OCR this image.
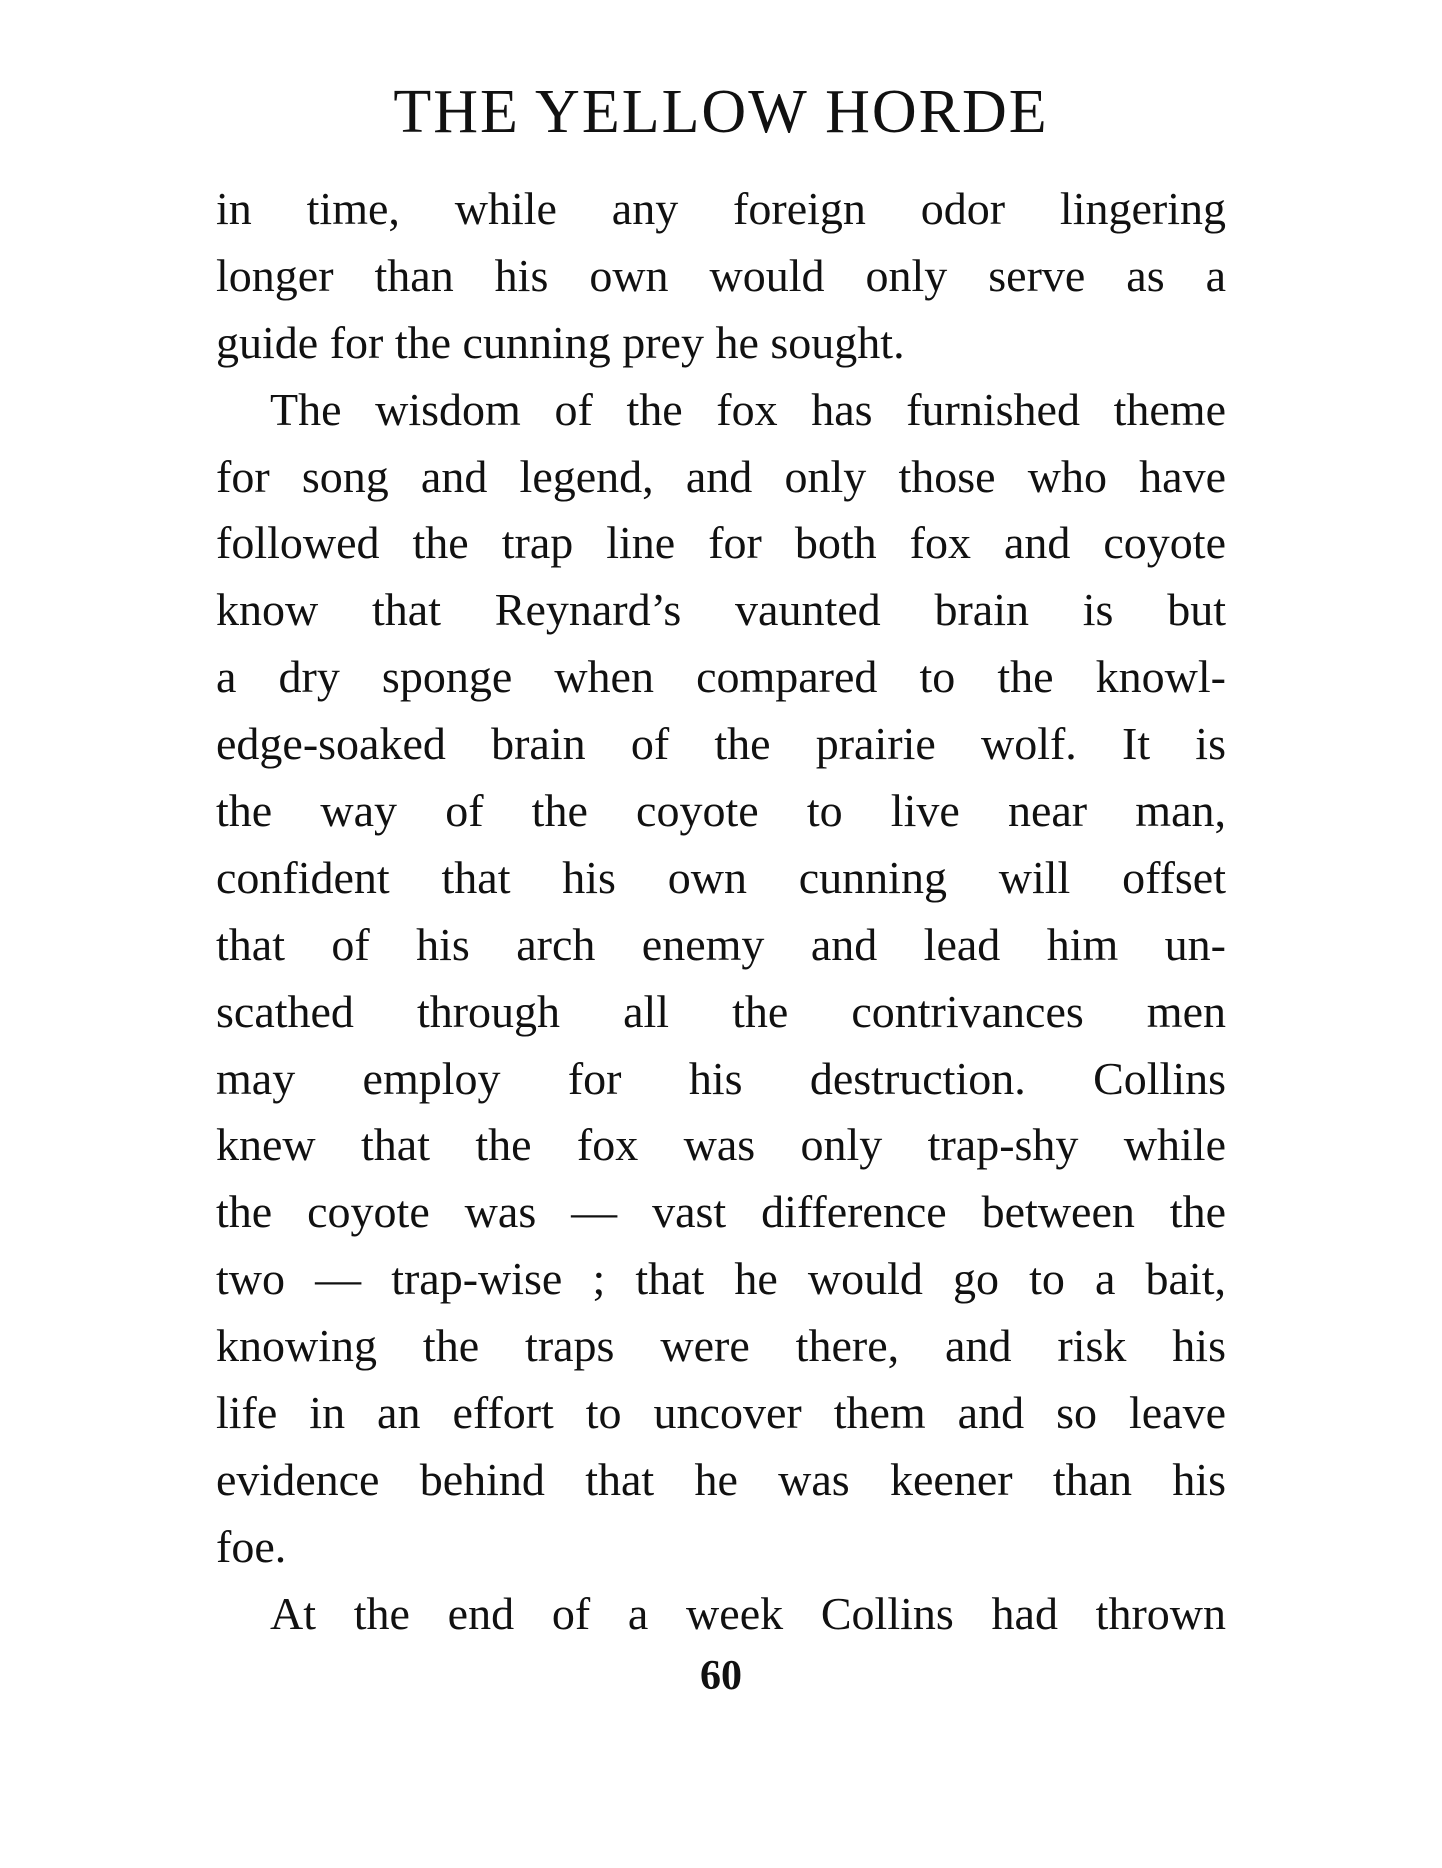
THE YELLOW HORDE
in time, while any foreign odor lingering
longer than his own would only serve as a
guide for the cunning prey he sought.
The wisdom of the fox has furnished theme
for song and legend, and only those who have
followed the trap line for both fox and coyote
know that Reynard’s vaunted brain is but
a dry sponge when compared to the knowl-
edge-soaked brain of the prairie wolf. It is
the way of the coyote to live near man,
confident that his own cunning will offset
that of his arch enemy and lead him un-
scathed through all the contrivances men
may employ for his destruction. Collins
knew that the fox was only trap-shy while
the coyote was — vast difference between the
two — trap-wise ; that he would go to a bait,
knowing the traps were there, and risk his
life in an effort to uncover them and so leave
evidence behind that he was keener than his
foe.
At the end of a week Collins had thrown
60
